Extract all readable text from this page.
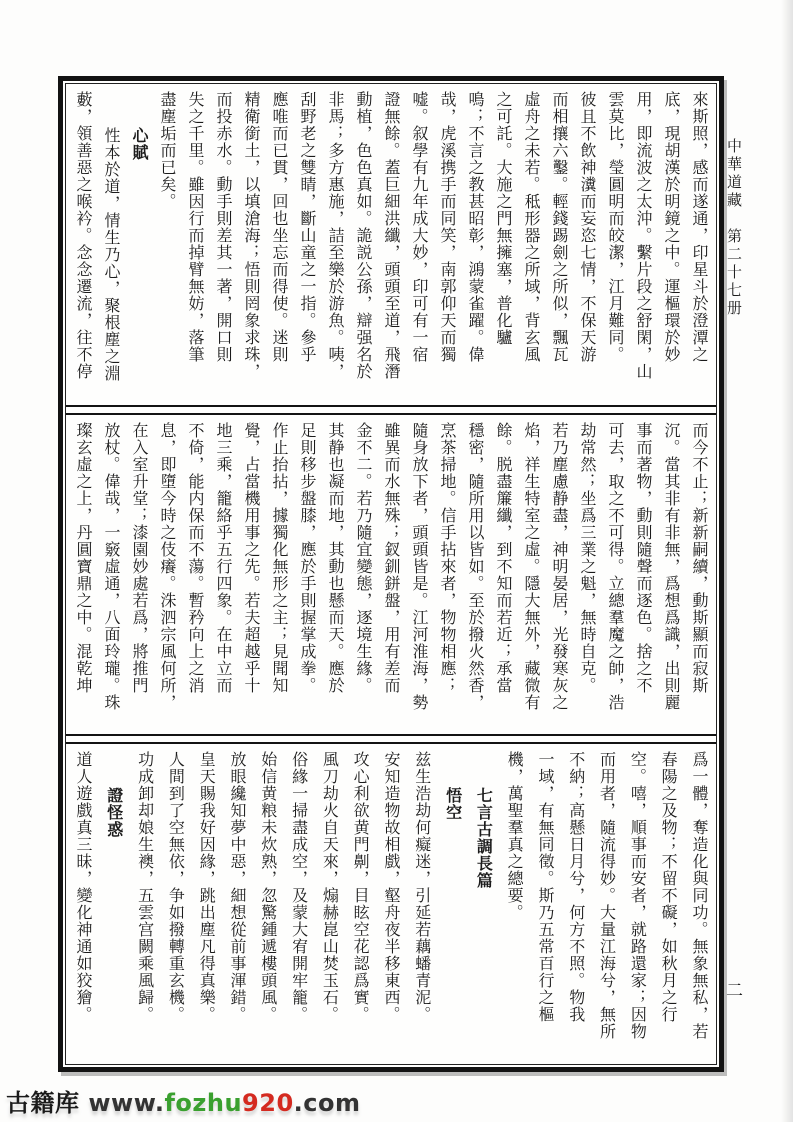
來斯照，感而遂通，印星斗於澄潭之
底，現胡漢於明鏡之中。運樞環於妙
用，即流波之太沖。繫片段之舒閑，山
雲莫比，瑩圓明而皎潔，江月難同。
彼且不飲神瀵而妄恣七情，不保天游
而相攘六鑿。輕錢踢劍之所似，飄瓦
虛舟之未若。秪形器之所域，背玄風
之可託。大施之門無擁塞，普化驢
鳴；不言之教甚昭彰，鴻蒙雀躍。偉
哉，虎溪携手而同笑，南郭仰天而獨
嘘。叙學有九年成大妙，印可有一宿
證無餘。蓋巨細洪纖，頭頭至道，飛潛
動植，色色真如。詭説公孫，辯强名於
非馬；多方惠施，詰至樂於游魚。咦，
刮野老之雙睛，斷山童之一指。參乎
應唯而已貫，回也坐忘而得使。迷則
精衛銜土，以填滄海；悟則罔象求珠，
而投赤水。動手則差其一著，開口則
失之千里。雖因行而掉臂無妨，落筆
盡塵垢而已矣。
心賦
性本於道，情生乃心，聚根塵之淵
藪，領善惡之喉衿。念念遷流，往不停
而今不止；新新嗣續，動斯顯而寂斯
沉。當其非有非無，爲想爲識，出則麗
事而著物，動則隨聲而逐色。捨之不
可去，取之不可得。立總羣魔之帥，浩
劫常然；坐爲三業之魁，無時自克。
若乃塵慮静盡，神明晏居，光發寒灰之
焰，祥生特室之虛。隱大無外，藏微有
餘。脱盡簾纖，到不知而若近；承當
穩密，隨所用以皆如。至於撥火然香，
烹茶掃地。信手拈來者，物物相應；
隨身放下者，頭頭皆是。江河淮海，勢
雖異而水無殊；釵釧鉼盤，用有差而
金不二。若乃隨宜變態，逐境生緣。
其静也凝而地，其動也懸而天。應於
足則移步盤膝，應於手則握掌成拳。
作止抬拈，據獨化無形之主；見聞知
覺，占當機用事之先。若夫超越乎十
地三乘，籠絡乎五行四象。在中立而
不倚，能内保而不蕩。暫矜向上之消
息，即墮今時之伎癢。洙泗宗風何所，
在入室升堂；漆園妙處若爲，將推門
放杖。偉哉，一竅虛通，八面玲瓏。珠
璨玄虛之上，丹圓寶鼎之中。混乾坤
爲一體，奪造化與同功。無象無私，若
春陽之及物；不留不礙，如秋月之行
空。嘻，順事而安者，就路還家；因物
而用者，隨流得妙。大量江海兮，無所
不納；高懸日月兮，何方不照。物我
一域，有無同徵。斯乃五常百行之樞
機，萬聖羣真之總要。
七言古調長篇
悟空
兹生浩劫何癡迷，引延若藕蟠青泥。
安知造物故相戲，壑舟夜半移東西。
攻心利欲黄門劓，目眩空花認爲實。
風刀劫火自天來，煽赫崑山焚玉石。
俗緣一掃盡成空，及蒙大宥開牢籠。
始信黄粮未炊熟，忽驚鍾遞樓頭風。
放眼纔知夢中惡，細想從前事渾錯。
皇天賜我好因緣，跳出塵凡得真樂。
人間到了空無依，争如撥轉重玄機。
功成卸却娘生襖，五雲宫闕乘風歸。
證怪惑
道人遊戲真三昧，變化神通如狡獪。
中華道藏　第二十七册
二
古籍库 www.fozhu920.com
